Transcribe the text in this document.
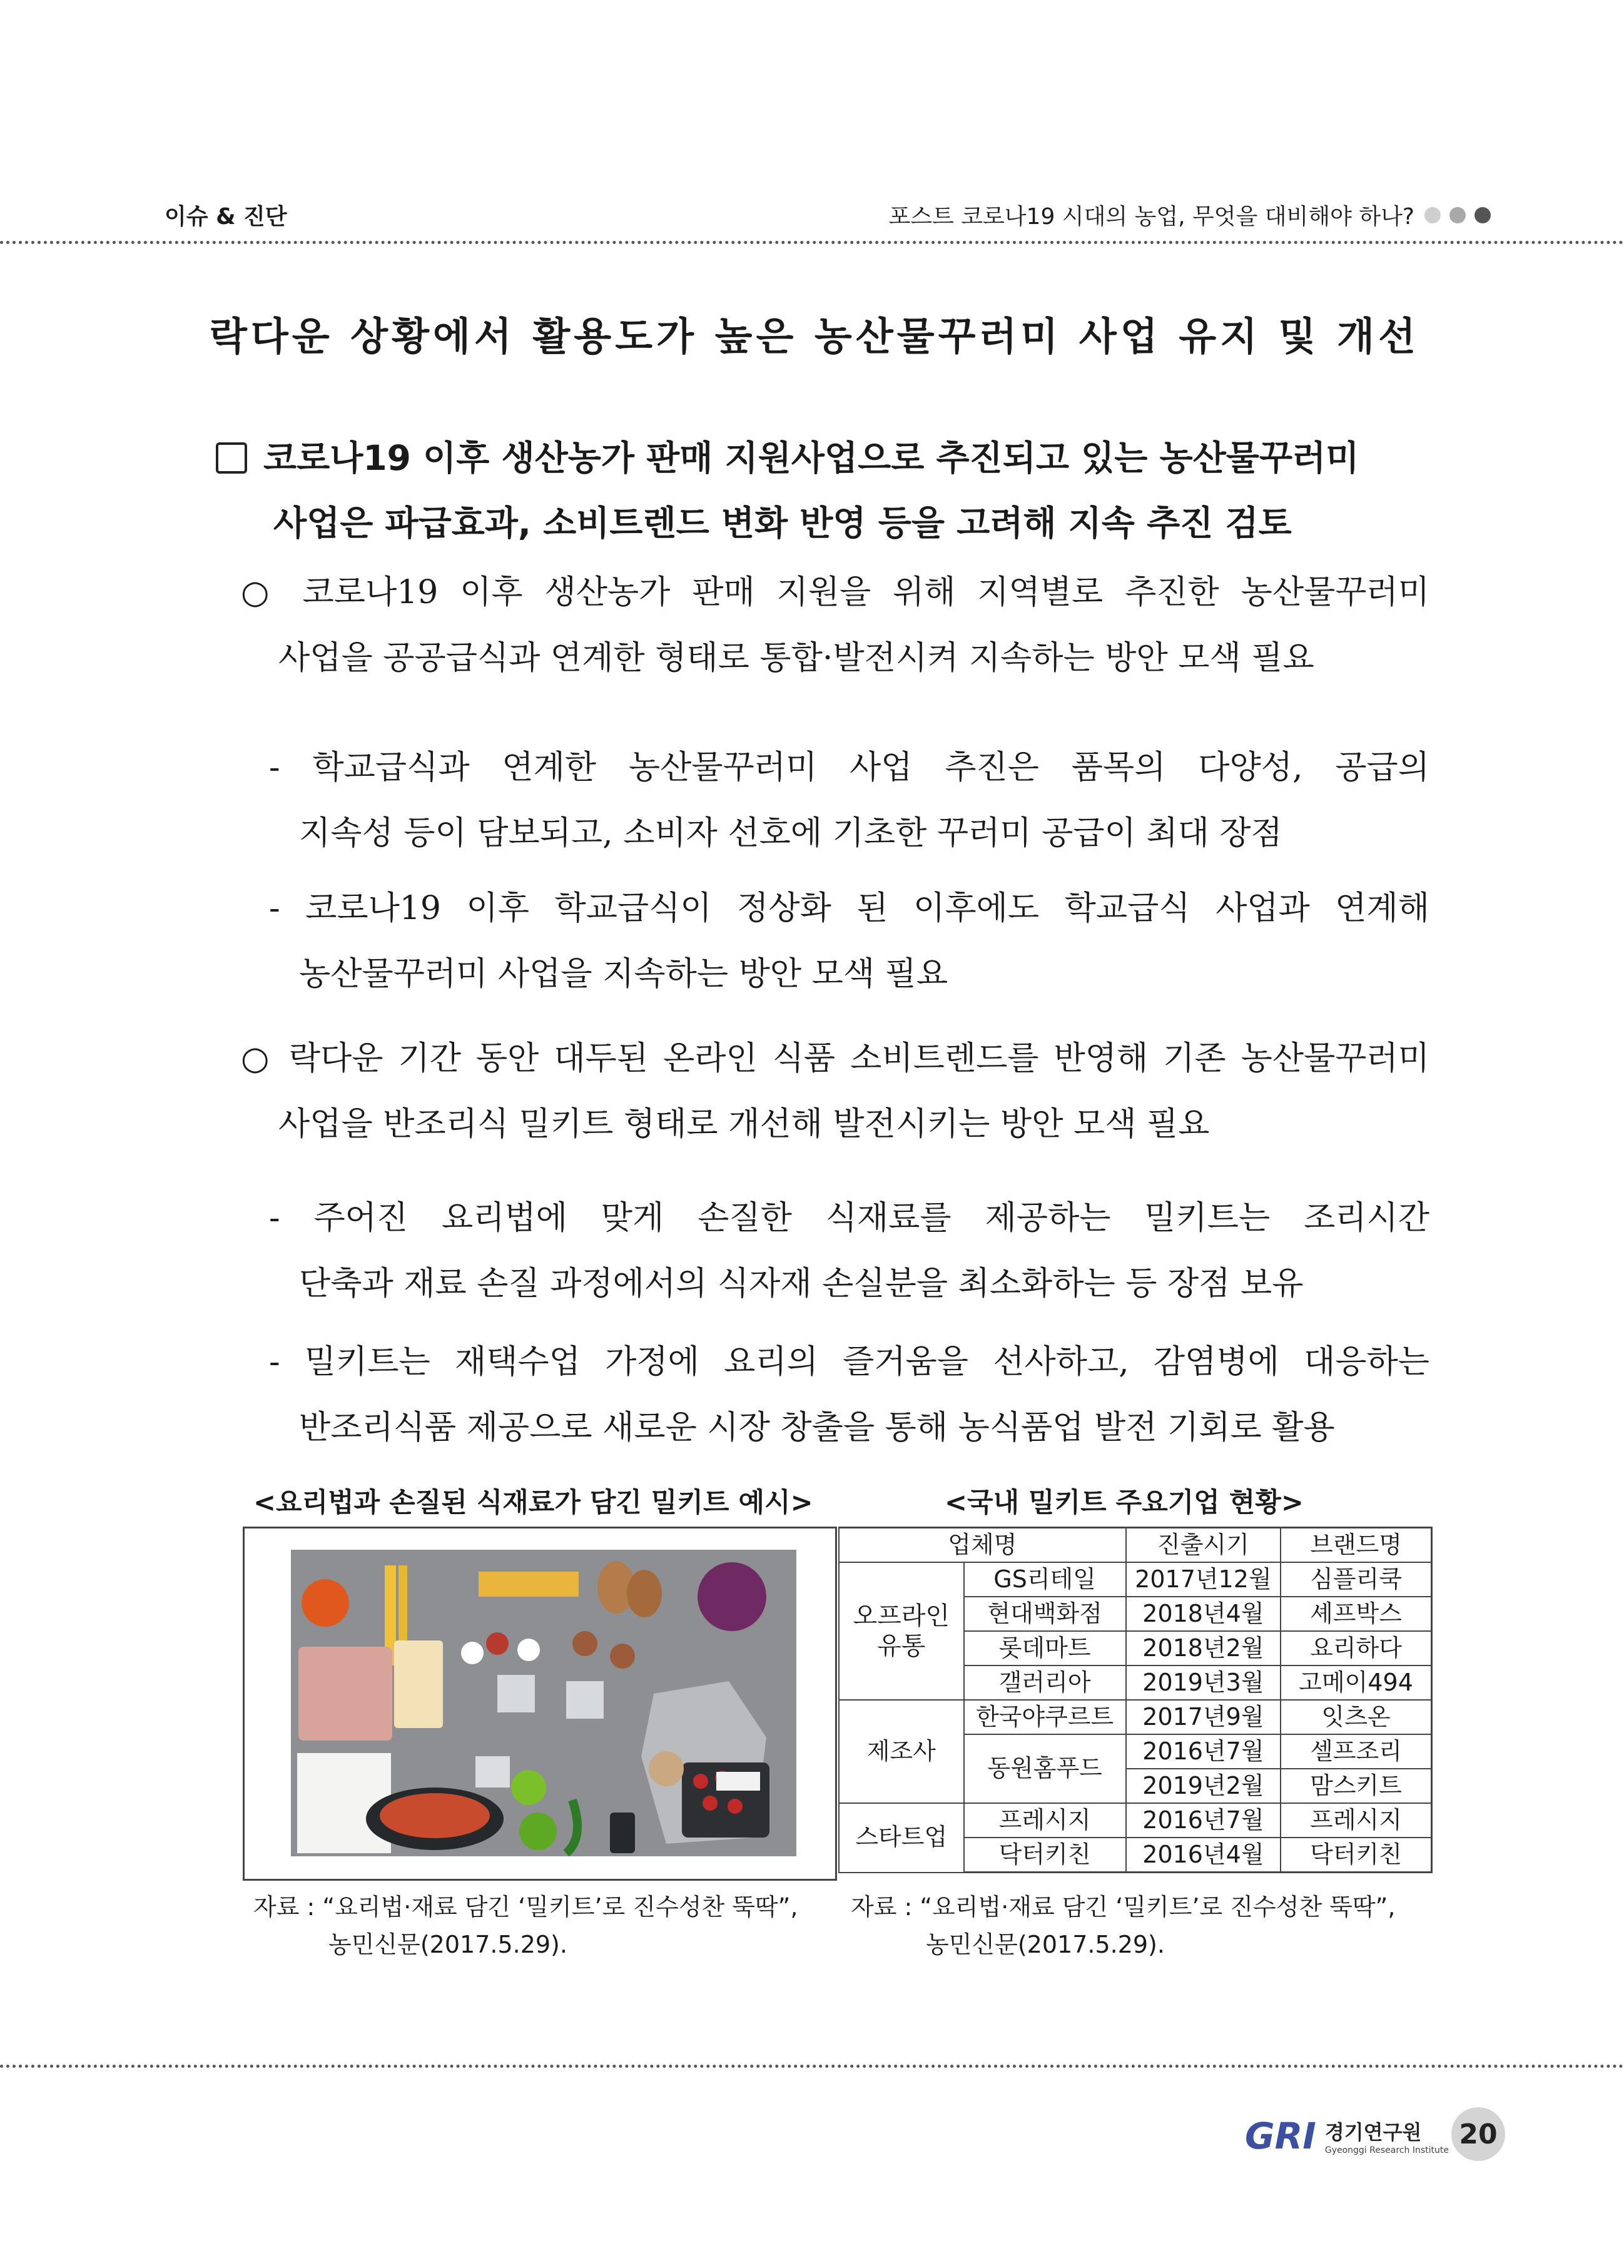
이슈 & 진단	포스트 코로나19 시대의 농업, 무엇을 대비해야 하나?
락다운 상황에서 활용도가 높은 농산물꾸러미 사업 유지 및 개선
코로나19 이후 생산농가 판매 지원사업으로 추진되고 있는 농산물꾸러미
사업은 파급효과, 소비트렌드 변화 반영 등을 고려해 지속 추진 검토
○ 코로나19 이후 생산농가 판매 지원을 위해 지역별로 추진한 농산물꾸러미
사업을 공공급식과 연계한 형태로 통합·발전시켜 지속하는 방안 모색 필요
- 학교급식과 연계한 농산물꾸러미 사업 추진은 품목의 다양성, 공급의
지속성 등이 담보되고, 소비자 선호에 기초한 꾸러미 공급이 최대 장점
- 코로나19 이후 학교급식이 정상화 된 이후에도 학교급식 사업과 연계해
농산물꾸러미 사업을 지속하는 방안 모색 필요
○ 락다운 기간 동안 대두된 온라인 식품 소비트렌드를 반영해 기존 농산물꾸러미
사업을 반조리식 밀키트 형태로 개선해 발전시키는 방안 모색 필요
- 주어진 요리법에 맞게 손질한 식재료를 제공하는 밀키트는 조리시간
단축과 재료 손질 과정에서의 식자재 손실분을 최소화하는 등 장점 보유
- 밀키트는 재택수업 가정에 요리의 즐거움을 선사하고, 감염병에 대응하는
반조리식품 제공으로 새로운 시장 창출을 통해 농식품업 발전 기회로 활용
<요리법과 손질된 식재료가 담긴 밀키트 예시>	<국내 밀키트 주요기업 현황>
업체명		진출시기	브랜드명
오프라인 유통	GS리테일	2017년12월	심플리쿡
	현대백화점	2018년4월	셰프박스
	롯데마트	2018년2월	요리하다
	갤러리아	2019년3월	고메이494
제조사	한국야쿠르트	2017년9월	잇츠온
	동원홈푸드	2016년7월	셀프조리
		2019년2월	맘스키트
스타트업	프레시지	2016년7월	프레시지
	닥터키친	2016년4월	닥터키친
자료 : “요리법·재료 담긴 ‘밀키트’로 진수성찬 뚝딱”,
농민신문(2017.5.29).
자료 : “요리법·재료 담긴 ‘밀키트’로 진수성찬 뚝딱”,
농민신문(2017.5.29).
GRI 경기연구원
Gyeonggi Research Institute
20
